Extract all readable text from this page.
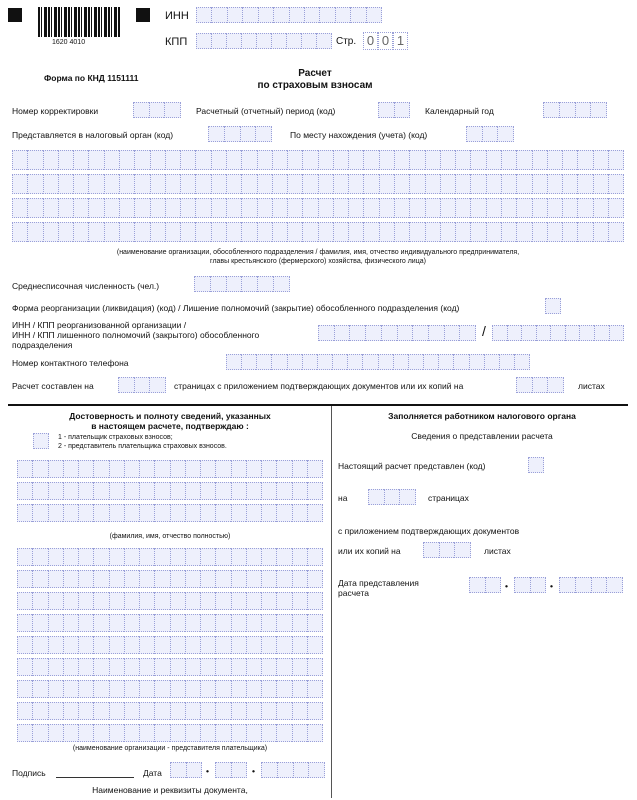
1620 4010
ИНН
КПП	Стр. 0 0 1
Форма по КНД 1151111	Расчет
по страховым взносам
Номер корректировки	Расчетный (отчетный) период (код)	Календарный год
Представляется в налоговый орган (код)	По месту нахождения (учета) (код)
(наименование организации, обособленного подразделения / фамилия, имя, отчество индивидуального предпринимателя,
главы крестьянского (фермерского) хозяйства, физического лица)
Среднесписочная численность (чел.)
Форма реорганизации (ликвидация) (код) / Лишение полномочий (закрытие) обособленного подразделения (код)
ИНН / КПП реорганизованной организации /
ИНН / КПП лишенного полномочий (закрытого) обособленного
подразделения
/
Номер контактного телефона
Расчет составлен на	страницах с приложением подтверждающих документов или их копий на	листах
Достоверность и полноту сведений, указанных
в настоящем расчете, подтверждаю :
1 - плательщик страховых взносов;
2 - представитель плательщика страховых взносов.
(фамилия, имя, отчество полностью)
(наименование организации - представителя плательщика)
Подпись	Дата	•	•
Наименование и реквизиты документа,
Заполняется работником налогового органа
Сведения о представлении расчета
Настоящий расчет представлен (код)
на	страницах
с приложением подтверждающих документов
или их копий на	листах
Дата представления
расчета
•	•
